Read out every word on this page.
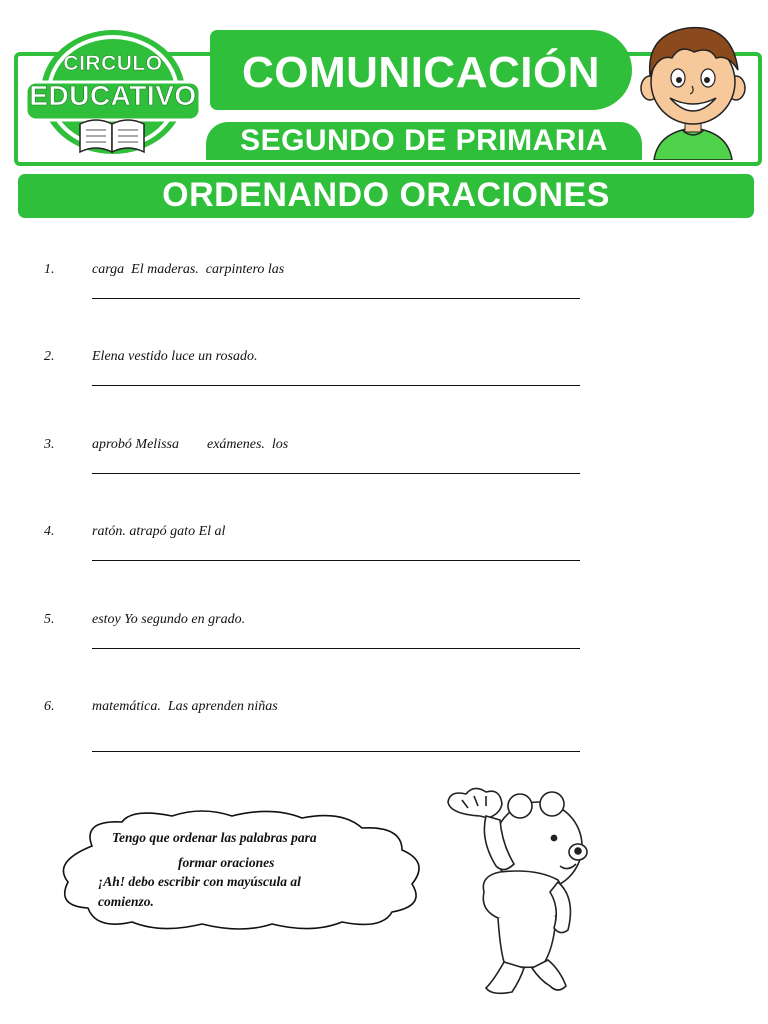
CIRCULO
EDUCATIVO	COMUNICACIÓN
SEGUNDO DE PRIMARIA
ORDENANDO ORACIONES
1.	carga  El maderas.  carpintero las
2.	Elena vestido luce un rosado.
3.	aprobó Melissa        exámenes.  los
4.	ratón. atrapó gato El al
5.	estoy Yo segundo en grado.
6.	matemática.  Las aprenden niñas
Tengo que ordenar las palabras para
formar oraciones
¡Ah! debo escribir con mayúscula al
comienzo.
